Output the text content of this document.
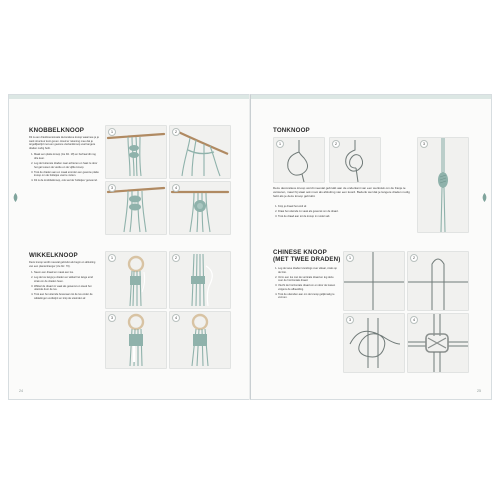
KNOBBELKNOOP
Dit is een driedimensionale decoratieve knoop waarmee je je werk structuur kunt geven. Houd er rekening mee dat je tergelijkertijd met een gewone vierkantknoop veel langere draden nodig hebt.
1. Maak een platte knoop (zie blz. 18) en herhaal dit nog drie keer.
2. Leg de buitenste draden naar achteren en haal ze door het gat tussen de vierde en de vijfde knoop.
3. Trek de draden aan en maak eronder een gewone platte knoop om de bolletjes vast te zetten.
4. Dit is de knobbelknoop, ook wel de 'bolletjes' genoemd.
1	2
3	4
WIKKELKNOOP
Deze knoop wordt meestal gebruikt als begin en afsluiting van een plantenhanger (zie blz. 70).
1. Neem een draad en maak een lus.
2. Leg de lus langs je draden en wikkel het lange eind strak om de draden heen.
3. Wikkel de draad zo vaak als gewenst en steek het uiteinde door de lus.
4. Trek aan het uiteinde bovenaan tot de lus onder de wikkelingen verdwijnt en knip de uiteinden af.
1	2
3	4
24
TONKNOOP
1	2	3
Deze decoratieve knoop wordt meestal gebruikt aan de onderkant van een werkstuk om de franje te versieren, maar hij staat ook mooi als afsluiting van een koord. Bedenk wel dat je langere draden nodig hebt als je deze knoop gebruikt.
1. Knip je draad het eind af.
2. Draai het uiteinde zo vaak als gewenst om de draad.
3. Trek de draad aan tot de knoop in model valt.
CHINESE KNOOP (MET TWEE DRADEN)
1. Leg de twee draden kruislings over elkaar, zoals op de foto.
2. Vorm een lus met de verticale draad en leg deze over de horizontale draad.
3. Vlecht de horizontale draad om en door de lussen volgens de afbeelding.
4. Trek de uiteinden aan om de knoop gelijkmatig te vormen.
1	2
3	4
25
